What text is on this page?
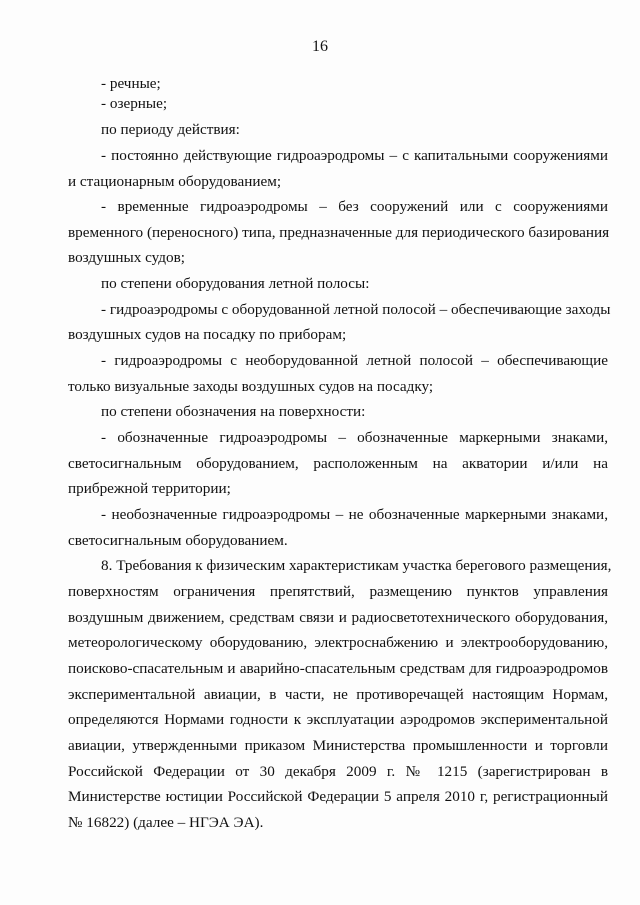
16
- речные;
- озерные;
по периоду действия:
- постоянно действующие гидроаэродромы – с капитальными сооружениями
и стационарным оборудованием;
- временные гидроаэродромы – без сооружений или с сооружениями
временного (переносного) типа, предназначенные для периодического базирования
воздушных судов;
по степени оборудования летной полосы:
- гидроаэродромы с оборудованной летной полосой – обеспечивающие заходы
воздушных судов на посадку по приборам;
- гидроаэродромы с необорудованной летной полосой – обеспечивающие
только визуальные заходы воздушных судов на посадку;
по степени обозначения на поверхности:
- обозначенные гидроаэродромы – обозначенные маркерными знаками,
светосигнальным оборудованием, расположенным на акватории и/или на
прибрежной территории;
- необозначенные гидроаэродромы – не обозначенные маркерными знаками,
светосигнальным оборудованием.
8. Требования к физическим характеристикам участка берегового размещения,
поверхностям ограничения препятствий, размещению пунктов управления
воздушным движением, средствам связи и радиосветотехнического оборудования,
метеорологическому оборудованию, электроснабжению и электрооборудованию,
поисково-спасательным и аварийно-спасательным средствам для гидроаэродромов
экспериментальной авиации, в части, не противоречащей настоящим Нормам,
определяются Нормами годности к эксплуатации аэродромов экспериментальной
авиации, утвержденными приказом Министерства промышленности и торговли
Российской Федерации от 30 декабря 2009 г. № 1215 (зарегистрирован в
Министерстве юстиции Российской Федерации 5 апреля 2010 г, регистрационный
№ 16822) (далее – НГЭА ЭА).
